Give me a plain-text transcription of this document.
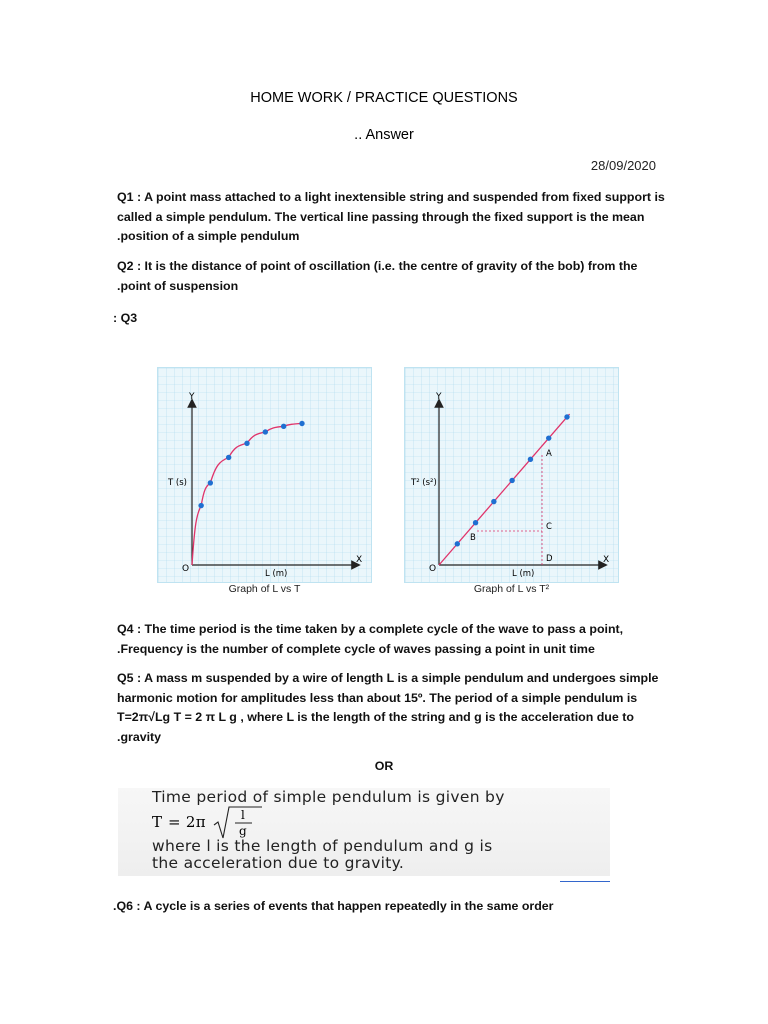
HOME WORK / PRACTICE QUESTIONS
.. Answer
28/09/2020
Q1 : A point mass attached to a light inextensible string and suspended from fixed support is
called a simple pendulum. The vertical line passing through the fixed support is the mean
.position of a simple pendulum
Q2 : It is the distance of point of oscillation (i.e. the centre of gravity of the bob) from the
.point of suspension
: Q3
Y
X
T (s)
L (m)
O
Graph of L vs T
Y
X
T² (s²)
L (m)
O
A
B
C
D
Graph of L vs T²
Q4 : The time period is the time taken by a complete cycle of the wave to pass a point,
.Frequency is the number of complete cycle of waves passing a point in unit time
Q5 : A mass m suspended by a wire of length L is a simple pendulum and undergoes simple
harmonic motion for amplitudes less than about 15º. The period of a simple pendulum is
T=2π√Lg T = 2 π L g , where L is the length of the string and g is the acceleration due to
.gravity
OR
Time period of simple pendulum is given by
T = 2π	l
g
where l is the length of pendulum and g is
the acceleration due to gravity.
.Q6 : A cycle is a series of events that happen repeatedly in the same order
